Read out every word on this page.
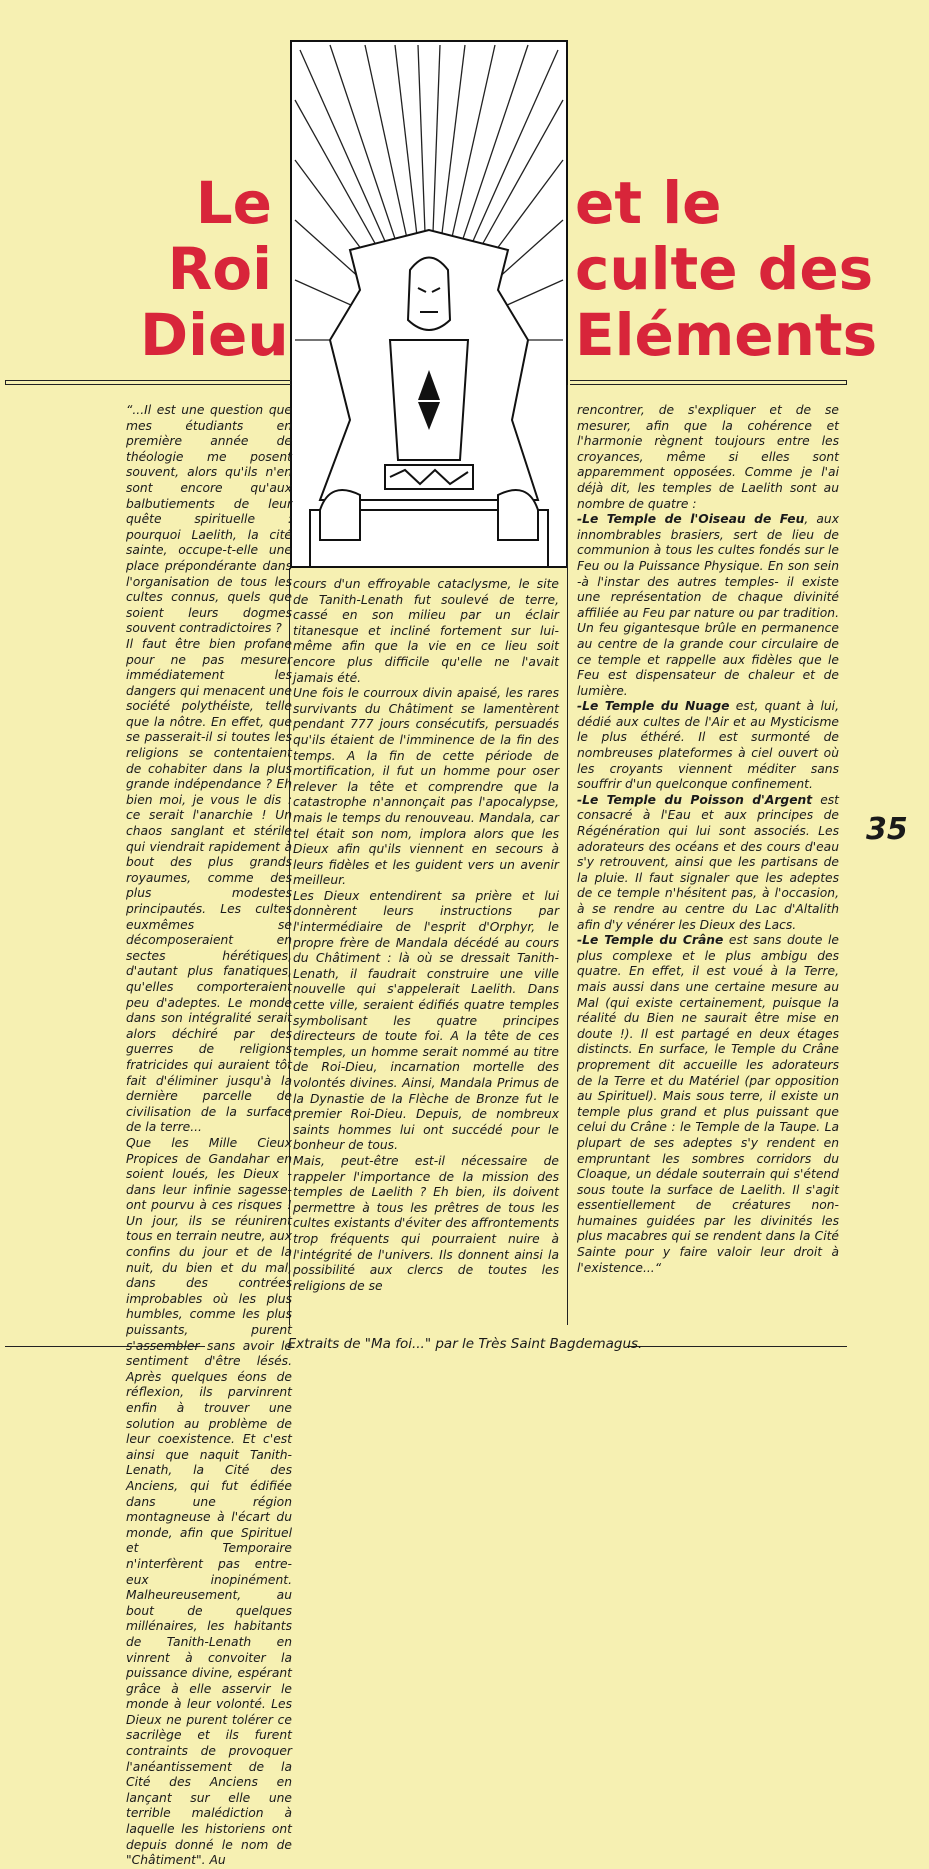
Le
Roi
Dieu
et le
culte des
Eléments

“...Il est une question que mes étudiants en première année de théologie me posent souvent, alors qu'ils n'en sont encore qu'aux balbutiements de leur quête spirituelle : pourquoi Laelith, la cité sainte, occupe-t-elle une place prépondérante dans l'organisation de tous les cultes connus, quels que soient leurs dogmes souvent contradictoires ?

Il faut être bien profane pour ne pas mesurer immédiatement les dangers qui menacent une société polythéiste, telle que la nôtre. En effet, que se passerait-il si toutes les religions se contentaient de cohabiter dans la plus grande indépendance ? Eh bien moi, je vous le dis : ce serait l'anarchie ! Un chaos sanglant et stérile qui viendrait rapidement à bout des plus grands royaumes, comme des plus modestes principautés. Les cultes euxmêmes se décomposeraient en sectes hérétiques, d'autant plus fanatiques, qu'elles comporteraient peu d'adeptes. Le monde dans son intégralité serait alors déchiré par des guerres de religions fratricides qui auraient tôt fait d'éliminer jusqu'à la dernière parcelle de civilisation de la surface de la terre...

Que les Mille Cieux Propices de Gandahar en soient loués, les Dieux -dans leur infinie sagesse- ont pourvu à ces risques ! Un jour, ils se réunirent tous en terrain neutre, aux confins du jour et de la nuit, du bien et du mal, dans des contrées improbables où les plus humbles, comme les plus puissants, purent s'assembler sans avoir le sentiment d'être lésés. Après quelques éons de réflexion, ils parvinrent enfin à trouver une solution au problème de leur coexistence. Et c'est ainsi que naquit Tanith-Lenath, la Cité des Anciens, qui fut édifiée dans une région montagneuse à l'écart du monde, afin que Spirituel et Temporaire n'interfèrent pas entre-eux inopinément. Malheureusement, au bout de quelques millénaires, les habitants de Tanith-Lenath en vinrent à convoiter la puissance divine, espérant grâce à elle asservir le monde à leur volonté. Les Dieux ne purent tolérer ce sacrilège et ils furent contraints de provoquer l'anéantissement de la Cité des Anciens en lançant sur elle une terrible malédiction à laquelle les historiens ont depuis donné le nom de "Châtiment". Au

cours d'un effroyable cataclysme, le site de Tanith-Lenath fut soulevé de terre, cassé en son milieu par un éclair titanesque et incliné fortement sur lui-même afin que la vie en ce lieu soit encore plus difficile qu'elle ne l'avait jamais été.

Une fois le courroux divin apaisé, les rares survivants du Châtiment se lamentèrent pendant 777 jours consécutifs, persuadés qu'ils étaient de l'imminence de la fin des temps. A la fin de cette période de mortification, il fut un homme pour oser relever la tête et comprendre que la catastrophe n'annonçait pas l'apocalypse, mais le temps du renouveau. Mandala, car tel était son nom, implora alors que les Dieux afin qu'ils viennent en secours à leurs fidèles et les guident vers un avenir meilleur.

Les Dieux entendirent sa prière et lui donnèrent leurs instructions par l'intermédiaire de l'esprit d'Orphyr, le propre frère de Mandala décédé au cours du Châtiment : là où se dressait Tanith-Lenath, il faudrait construire une ville nouvelle qui s'appelerait Laelith. Dans cette ville, seraient édifiés quatre temples symbolisant les quatre principes directeurs de toute foi. A la tête de ces temples, un homme serait nommé au titre de Roi-Dieu, incarnation mortelle des volontés divines. Ainsi, Mandala Primus de la Dynastie de la Flèche de Bronze fut le premier Roi-Dieu. Depuis, de nombreux saints hommes lui ont succédé pour le bonheur de tous.

Mais, peut-être est-il nécessaire de rappeler l'importance de la mission des temples de Laelith ? Eh bien, ils doivent permettre à tous les prêtres de tous les cultes existants d'éviter des affrontements trop fréquents qui pourraient nuire à l'intégrité de l'univers. Ils donnent ainsi la possibilité aux clercs de toutes les religions de se

rencontrer, de s'expliquer et de se mesurer, afin que la cohérence et l'harmonie règnent toujours entre les croyances, même si elles sont apparemment opposées. Comme je l'ai déjà dit, les temples de Laelith sont au nombre de quatre :

-Le Temple de l'Oiseau de Feu, aux innombrables brasiers, sert de lieu de communion à tous les cultes fondés sur le Feu ou la Puissance Physique. En son sein -à l'instar des autres temples- il existe une représentation de chaque divinité affiliée au Feu par nature ou par tradition. Un feu gigantesque brûle en permanence au centre de la grande cour circulaire de ce temple et rappelle aux fidèles que le Feu est dispensateur de chaleur et de lumière.

-Le Temple du Nuage est, quant à lui, dédié aux cultes de l'Air et au Mysticisme le plus éthéré. Il est surmonté de nombreuses plateformes à ciel ouvert où les croyants viennent méditer sans souffrir d'un quelconque confinement.

-Le Temple du Poisson d'Argent est consacré à l'Eau et aux principes de Régénération qui lui sont associés. Les adorateurs des océans et des cours d'eau s'y retrouvent, ainsi que les partisans de la pluie. Il faut signaler que les adeptes de ce temple n'hésitent pas, à l'occasion, à se rendre au centre du Lac d'Altalith afin d'y vénérer les Dieux des Lacs.

-Le Temple du Crâne est sans doute le plus complexe et le plus ambigu des quatre. En effet, il est voué à la Terre, mais aussi dans une certaine mesure au Mal (qui existe certainement, puisque la réalité du Bien ne saurait être mise en doute !). Il est partagé en deux étages distincts. En surface, le Temple du Crâne proprement dit accueille les adorateurs de la Terre et du Matériel (par opposition au Spirituel). Mais sous terre, il existe un temple plus grand et plus puissant que celui du Crâne : le Temple de la Taupe. La plupart de ses adeptes s'y rendent en empruntant les sombres corridors du Cloaque, un dédale souterrain qui s'étend sous toute la surface de Laelith. Il s'agit essentiellement de créatures non-humaines guidées par les divinités les plus macabres qui se rendent dans la Cité Sainte pour y faire valoir leur droit à l'existence...“

35
Extraits de "Ma foi..." par le Très Saint Bagdemagus.
